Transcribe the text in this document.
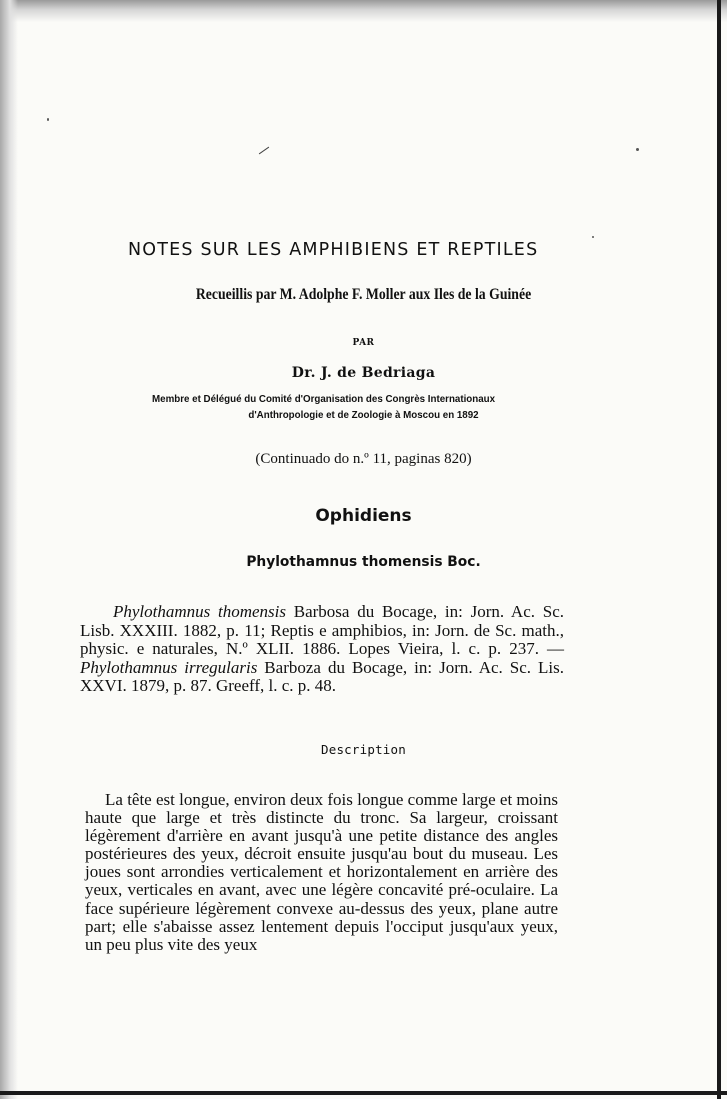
NOTES SUR LES AMPHIBIENS ET REPTILES
Recueillis par M. Adolphe F. Moller aux Iles de la Guinée
PAR
Dr. J. de Bedriaga
Membre et Délégué du Comité d'Organisation des Congrès Internationaux
d'Anthropologie et de Zoologie à Moscou en 1892
(Continuado do n.º 11, paginas 820)
Ophidiens
Phylothamnus thomensis Boc.
Phylothamnus thomensis Barbosa du Bocage, in: Jorn. Ac. Sc. Lisb. XXXIII. 1882, p. 11; Reptis e amphibios, in: Jorn. de Sc. math., physic. e naturales, N.º XLII. 1886. Lopes Vieira, l. c. p. 237. — Phylothamnus irregularis Barboza du Bocage, in: Jorn. Ac. Sc. Lis. XXVI. 1879, p. 87. Greeff, l. c. p. 48.
Description
La tête est longue, environ deux fois longue comme large et moins haute que large et très distincte du tronc. Sa largeur, croissant légèrement d'arrière en avant jusqu'à une petite distance des angles postérieures des yeux, décroit ensuite jusqu'au bout du museau. Les joues sont arrondies verticalement et horizontalement en arrière des yeux, verticales en avant, avec une légère concavité pré-oculaire. La face supérieure légèrement convexe au-dessus des yeux, plane autre part; elle s'abaisse assez lentement depuis l'occiput jusqu'aux yeux, un peu plus vite des yeux
